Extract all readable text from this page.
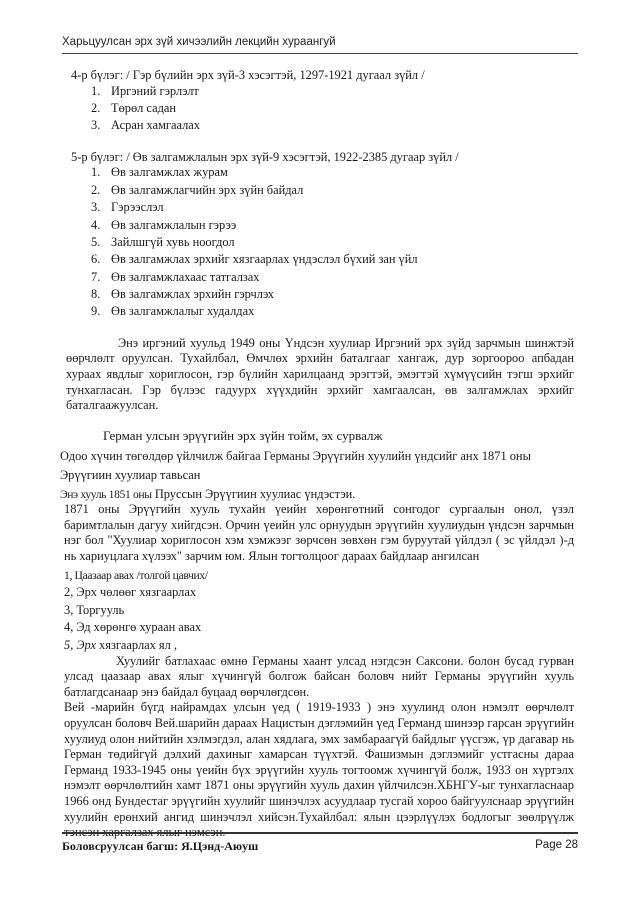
Харьцуулсан эрх зүй хичээлийн лекцийн хураангуй

4-р бүлэг: / Гэр бүлийн эрх зүй-3 хэсэгтэй, 1297-1921 дугаал зүйл /

1. Иргэний гэрлэлт
2. Төрөл садан
3. Асран хамгаалах

5-р бүлэг: / Өв залгамжлалын эрх зүй-9 хэсэгтэй, 1922-2385 дугаар зүйл /

1. Өв залгамжлах журам
2. Өв залгамжлагчийн эрх зүйн байдал
3. Гэрээслэл
4. Өв залгамжлалын гэрээ
5. Зайлшгүй хувь ноогдол
6. Өв залгамжлах эрхийг хязгаарлах үндэслэл бүхий зан үйл
7. Өв залгамжлахаас татгалзах
8. Өв залгамжлах эрхийн гэрчлэх
9. Өв залгамжлалыг худалдах

Энэ иргэний хуульд 1949 оны Үндсэн хуулиар Иргэний эрх зүйд зарчмын шинжтэй өөрчлөлт оруулсан. Тухайлбал, Өмчлөх эрхийн баталгааг хангаж, дур зоргоороо апбадан хураах явдлыг хориглосон, гэр бүлийн харилцаанд эрэгтэй, эмэгтэй хүмүүсийн тэгш эрхийг тунхагласан. Гэр бүлээс гадуурх хүүхдийн эрхийг хамгаалсан, өв залгамжлах эрхийг баталгаажуулсан.

Герман улсын эрүүгийн эрх зүйн тойм, эх сурвалж

Одоо хүчин төгөлдөр үйлчилж байгаа Германы Эрүүгийн хуулийн үндсийг анх 1871 оны

Эрүүгиин хуулиар тавьсан

Энэ хууль 1851 оны Пруссын Эрүүгиин хуулиас үндэстэи.

1871 оны Эрүүгийн хууль тухайн үеийн хөрөнгөтний сонгодог сургаалын онол, үзэл баримтлалын дагуу хийгдсэн. Орчин үеийн улс орнуудын эрүүгийн хуулиудын үндсэн зарчмын нэг бол "Хуулиар хориглосон хэм хэмжээг зөрчсөн зөвхөн гэм буруутай үйлдэл ( эс үйлдэл )-д нь хариуцлага хүлээх" зарчим юм. Ялын тогтолцоог дараах байдлаар ангилсан

1, Цаазаар авах /толгой цавчих/

2, Эрх чөлөөг хязгаарлах

3, Торгууль

4, Эд хөрөнгө хураан авах

5, Эрх хязгаарлах ял ,

Хуулийг батлахаас өмнө Германы хаант улсад нэгдсэн Саксони. болон бусад гурван улсад цаазаар авах ялыг хүчингүй болгож байсан боловч нийт Германы эрүүгийн хууль батлагдсанаар энэ байдал буцаад өөрчлөгдсөн.

Вей -марийн бүгд найрамдах улсын үед ( 1919-1933 ) энэ хуулинд олон нэмэлт өөрчлөлт оруулсан боловч Вей.шарийн дараах Нацистын дэглэмийн үед Германд шинээр гарсан эрүүгийн хуулиуд олон нийтийн хэлмэгдэл, алан хядлага, эмх замбараагүй байдлыг үүсгэж, үр дагавар нь Герман төдийгүй дэлхий дахиныг хамарсан түүхтэй. Фашизмын дэглэмийг устгасны дараа Германд 1933-1945 оны үеийн бүх эрүүгийн хууль тогтоомж хүчингүй болж, 1933 он хүртэлх нэмэлт өөрчлөлтийн хамт 1871 оны эрүүгийн хууль дахин үйлчилсэн.ХБНГУ-ыг тунхагласнаар 1966 онд Бундестаг эрүүгийн хуулийг шинэчлэх асуудлаар тусгай хороо байгуулснаар эрүүгийн хуулийн ерөнхий ангид шинэчлэл хийсэн.Тухайлбал: ялын цээрлүүлэх бодлогыг зөөлрүүлж тэнсэн харгалзах ялыг нэмсэн.

Боловсруулсан багш: Я.Цэнд-Аюуш	Page 28
